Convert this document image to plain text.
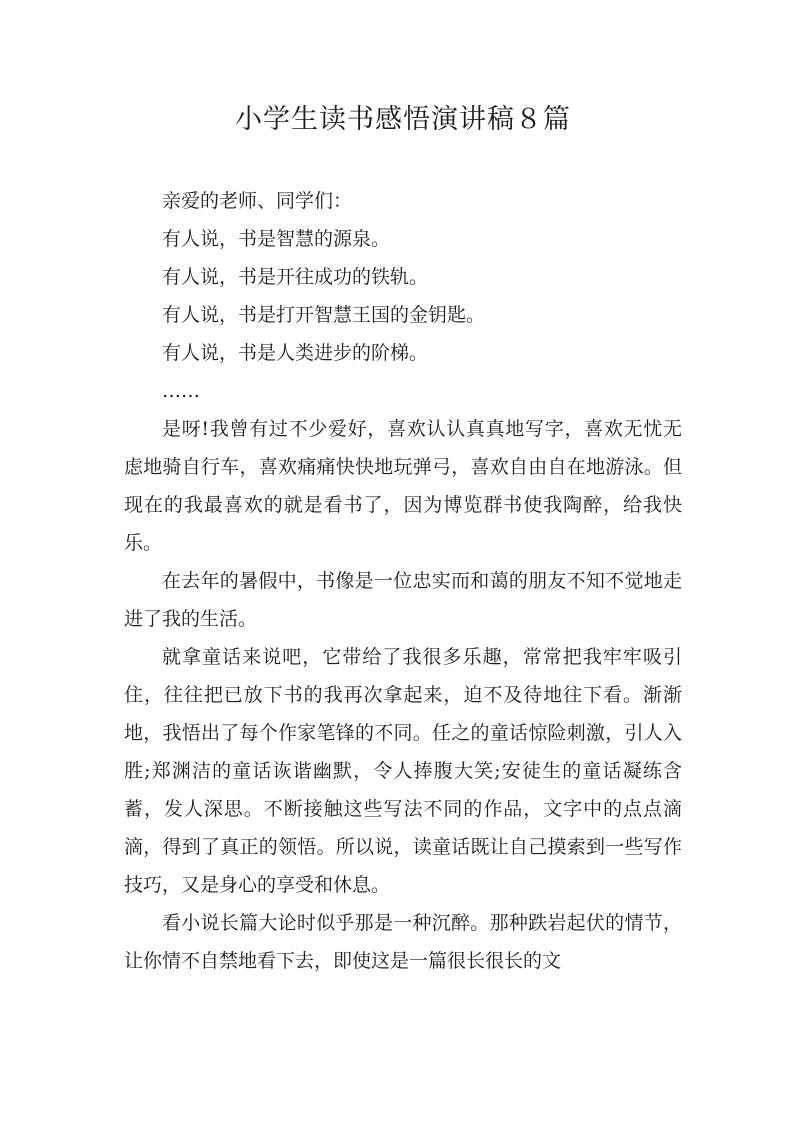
小学生读书感悟演讲稿８篇

亲爱的老师、同学们：

有人说，书是智慧的源泉。

有人说，书是开往成功的铁轨。

有人说，书是打开智慧王国的金钥匙。

有人说，书是人类进步的阶梯。

……

是呀!我曾有过不少爱好，喜欢认认真真地写字，喜欢无忧无虑地骑自行车，喜欢痛痛快快地玩弹弓，喜欢自由自在地游泳。但现在的我最喜欢的就是看书了，因为博览群书使我陶醉，给我快乐。

在去年的暑假中，书像是一位忠实而和蔼的朋友不知不觉地走进了我的生活。

就拿童话来说吧，它带给了我很多乐趣，常常把我牢牢吸引住，往往把已放下书的我再次拿起来，迫不及待地往下看。渐渐地，我悟出了每个作家笔锋的不同。任之的童话惊险刺激，引人入胜;郑渊洁的童话诙谐幽默，令人捧腹大笑;安徒生的童话凝练含蓄，发人深思。不断接触这些写法不同的作品，文字中的点点滴滴，得到了真正的领悟。所以说，读童话既让自己摸索到一些写作技巧，又是身心的享受和休息。

看小说长篇大论时似乎那是一种沉醉。那种跌岩起伏的情节，让你情不自禁地看下去，即使这是一篇很长很长的文
